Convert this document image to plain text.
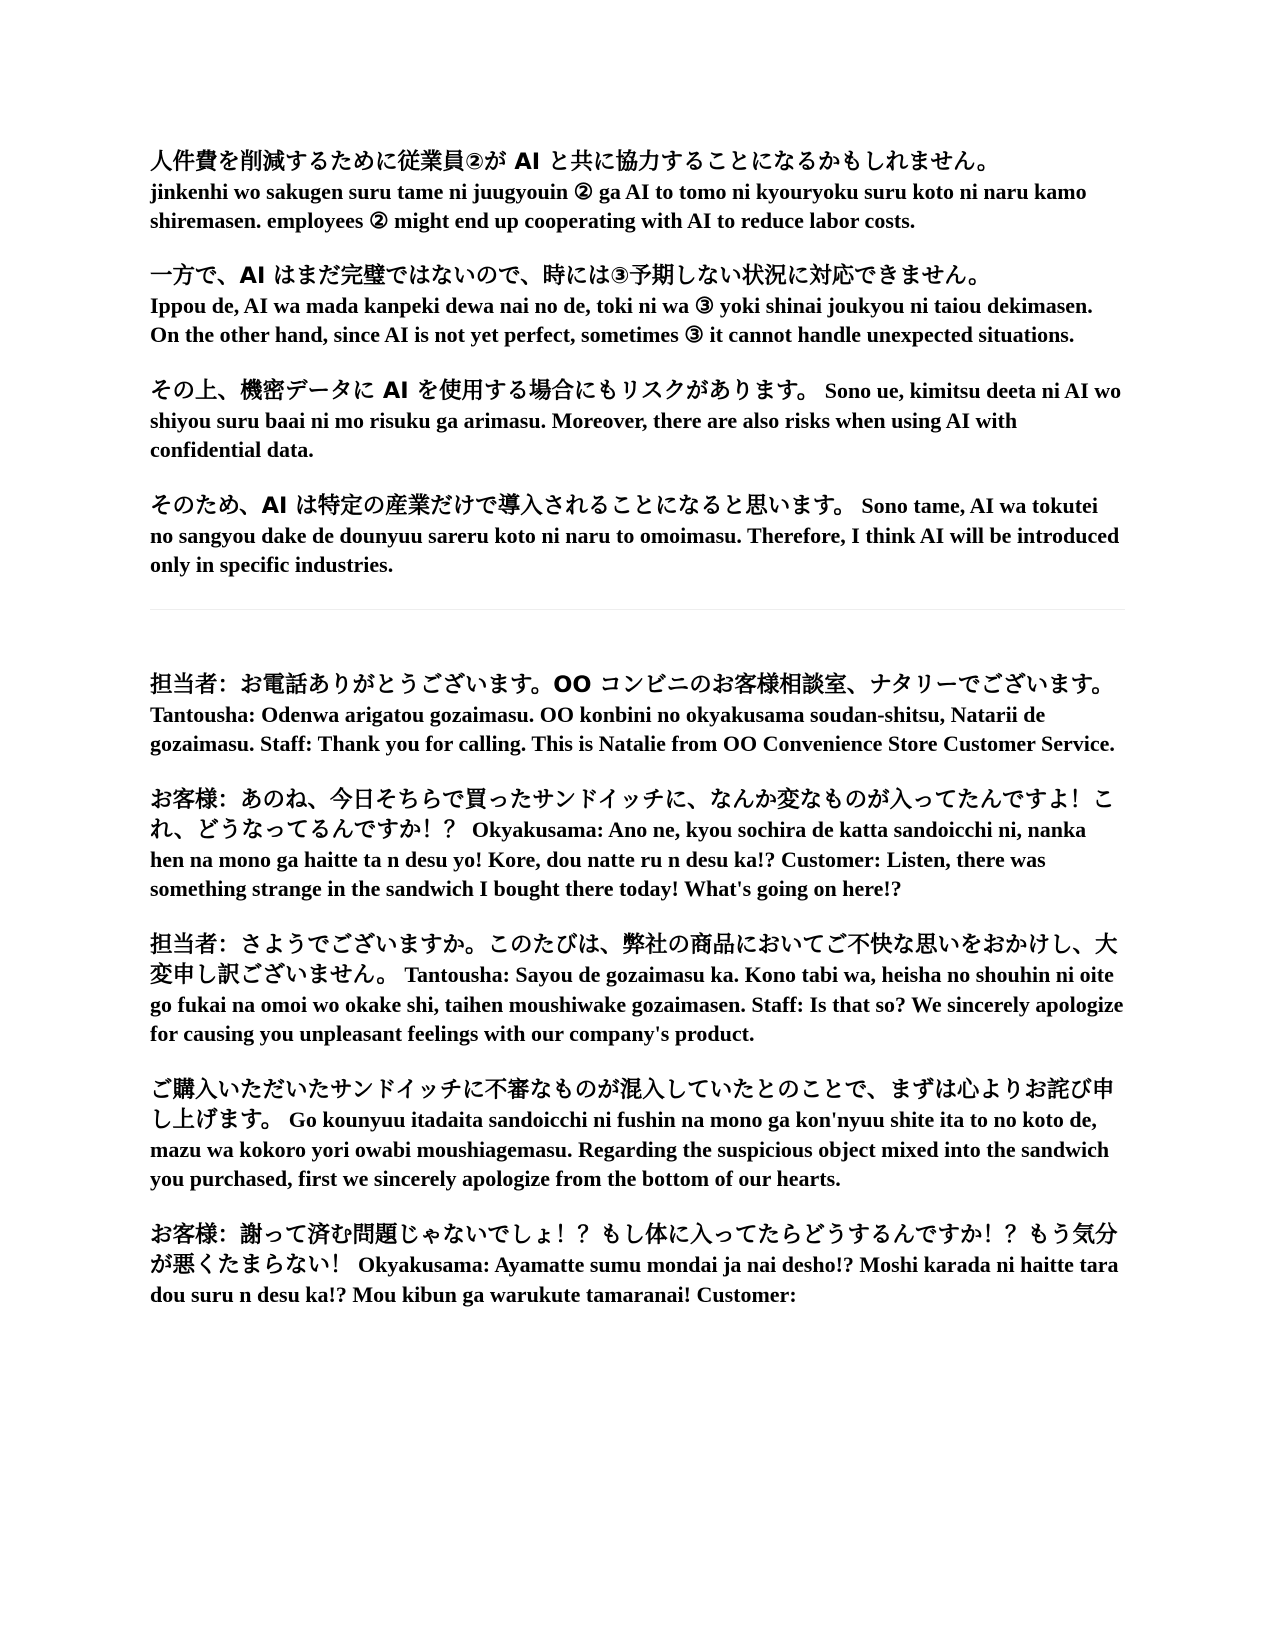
人件費を削減するために従業員②が AI と共に協力することになるかもしれません。
jinkenhi wo sakugen suru tame ni juugyouin ② ga AI to tomo ni kyouryoku suru koto ni naru kamo shiremasen. employees ② might end up cooperating with AI to reduce labor costs.

一方で、AI はまだ完璧ではないので、時には③予期しない状況に対応できません。
Ippou de, AI wa mada kanpeki dewa nai no de, toki ni wa ③ yoki shinai joukyou ni taiou dekimasen. On the other hand, since AI is not yet perfect, sometimes ③ it cannot handle unexpected situations.

その上、機密データに AI を使用する場合にもリスクがあります。 Sono ue, kimitsu deeta ni AI wo shiyou suru baai ni mo risuku ga arimasu. Moreover, there are also risks when using AI with confidential data.

そのため、AI は特定の産業だけで導入されることになると思います。 Sono tame, AI wa tokutei no sangyou dake de dounyuu sareru koto ni naru to omoimasu. Therefore, I think AI will be introduced only in specific industries.

担当者：お電話ありがとうございます。OO コンビニのお客様相談室、ナタリーでございます。 Tantousha: Odenwa arigatou gozaimasu. OO konbini no okyakusama soudan-shitsu, Natarii de gozaimasu. Staff: Thank you for calling. This is Natalie from OO Convenience Store Customer Service.

お客様：あのね、今日そちらで買ったサンドイッチに、なんか変なものが入ってたんですよ！これ、どうなってるんですか！？ Okyakusama: Ano ne, kyou sochira de katta sandoicchi ni, nanka hen na mono ga haitte ta n desu yo! Kore, dou natte ru n desu ka!? Customer: Listen, there was something strange in the sandwich I bought there today! What's going on here!?

担当者：さようでございますか。このたびは、弊社の商品においてご不快な思いをおかけし、大変申し訳ございません。 Tantousha: Sayou de gozaimasu ka. Kono tabi wa, heisha no shouhin ni oite go fukai na omoi wo okake shi, taihen moushiwake gozaimasen. Staff: Is that so? We sincerely apologize for causing you unpleasant feelings with our company's product.

ご購入いただいたサンドイッチに不審なものが混入していたとのことで、まずは心よりお詫び申し上げます。 Go kounyuu itadaita sandoicchi ni fushin na mono ga kon'nyuu shite ita to no koto de, mazu wa kokoro yori owabi moushiagemasu. Regarding the suspicious object mixed into the sandwich you purchased, first we sincerely apologize from the bottom of our hearts.

お客様：謝って済む問題じゃないでしょ！？もし体に入ってたらどうするんですか！？もう気分が悪くたまらない！ Okyakusama: Ayamatte sumu mondai ja nai desho!? Moshi karada ni haitte tara dou suru n desu ka!? Mou kibun ga warukute tamaranai! Customer:
